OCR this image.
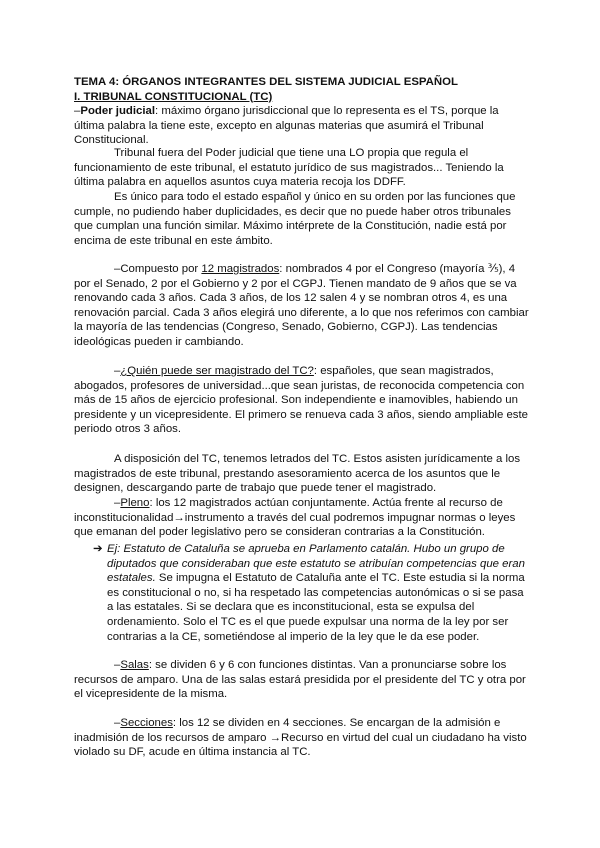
TEMA 4: ÓRGANOS INTEGRANTES DEL SISTEMA JUDICIAL ESPAÑOL

I. TRIBUNAL CONSTITUCIONAL (TC)

–Poder judicial: máximo órgano jurisdiccional que lo representa es el TS, porque la última palabra la tiene este, excepto en algunas materias que asumirá el Tribunal Constitucional.

Tribunal fuera del Poder judicial que tiene una LO propia que regula el funcionamiento de este tribunal, el estatuto jurídico de sus magistrados... Teniendo la última palabra en aquellos asuntos cuya materia recoja los DDFF.

Es único para todo el estado español y único en su orden por las funciones que cumple, no pudiendo haber duplicidades, es decir que no puede haber otros tribunales que cumplan una función similar. Máximo intérprete de la Constitución, nadie está por encima de este tribunal en este ámbito.

–Compuesto por 12 magistrados: nombrados 4 por el Congreso (mayoría ⅗), 4 por el Senado, 2 por el Gobierno y 2 por el CGPJ. Tienen mandato de 9 años que se va renovando cada 3 años. Cada 3 años, de los 12 salen 4 y se nombran otros 4, es una renovación parcial. Cada 3 años elegirá uno diferente, a lo que nos referimos con cambiar la mayoría de las tendencias (Congreso, Senado, Gobierno, CGPJ). Las tendencias ideológicas pueden ir cambiando.

–¿Quién puede ser magistrado del TC?: españoles, que sean magistrados, abogados, profesores de universidad...que sean juristas, de reconocida competencia con más de 15 años de ejercicio profesional. Son independiente e inamovibles, habiendo un presidente y un vicepresidente. El primero se renueva cada 3 años, siendo ampliable este periodo otros 3 años.

A disposición del TC, tenemos letrados del TC. Estos asisten jurídicamente a los magistrados de este tribunal, prestando asesoramiento acerca de los asuntos que le designen, descargando parte de trabajo que puede tener el magistrado.

–Pleno: los 12 magistrados actúan conjuntamente. Actúa frente al recurso de inconstitucionalidad→instrumento a través del cual podremos impugnar normas o leyes que emanan del poder legislativo pero se consideran contrarias a la Constitución.

➔ Ej: Estatuto de Cataluña se aprueba en Parlamento catalán. Hubo un grupo de diputados que consideraban que este estatuto se atribuían competencias que eran estatales. Se impugna el Estatuto de Cataluña ante el TC. Este estudia si la norma es constitucional o no, si ha respetado las competencias autonómicas o si se pasa a las estatales. Si se declara que es inconstitucional, esta se expulsa del ordenamiento. Solo el TC es el que puede expulsar una norma de la ley por ser contrarias a la CE, sometiéndose al imperio de la ley que le da ese poder.

–Salas: se dividen 6 y 6 con funciones distintas. Van a pronunciarse sobre los recursos de amparo. Una de las salas estará presidida por el presidente del TC y otra por el vicepresidente de la misma.

–Secciones: los 12 se dividen en 4 secciones. Se encargan de la admisión e inadmisión de los recursos de amparo →Recurso en virtud del cual un ciudadano ha visto violado su DF, acude en última instancia al TC.
